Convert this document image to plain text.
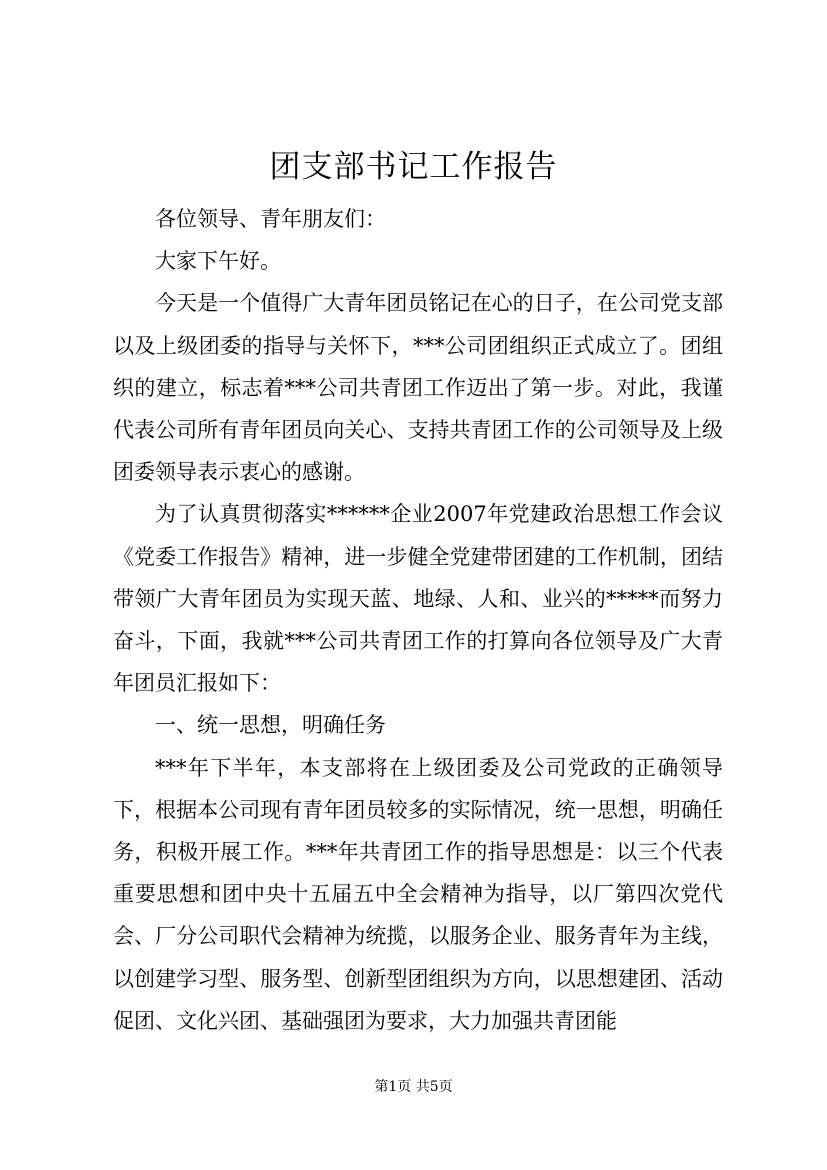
团支部书记工作报告

各位领导、青年朋友们：

大家下午好。

今天是一个值得广大青年团员铭记在心的日子，在公司党支部以及上级团委的指导与关怀下，***公司团组织正式成立了。团组织的建立，标志着***公司共青团工作迈出了第一步。对此，我谨代表公司所有青年团员向关心、支持共青团工作的公司领导及上级团委领导表示衷心的感谢。

为了认真贯彻落实******企业2007年党建政治思想工作会议《党委工作报告》精神，进一步健全党建带团建的工作机制，团结带领广大青年团员为实现天蓝、地绿、人和、业兴的*****而努力奋斗，下面，我就***公司共青团工作的打算向各位领导及广大青年团员汇报如下：

一、统一思想，明确任务

***年下半年，本支部将在上级团委及公司党政的正确领导下，根据本公司现有青年团员较多的实际情况，统一思想，明确任务，积极开展工作。***年共青团工作的指导思想是：以三个代表重要思想和团中央十五届五中全会精神为指导，以厂第四次党代会、厂分公司职代会精神为统揽，以服务企业、服务青年为主线，以创建学习型、服务型、创新型团组织为方向，以思想建团、活动促团、文化兴团、基础强团为要求，大力加强共青团能

第1页 共5页
